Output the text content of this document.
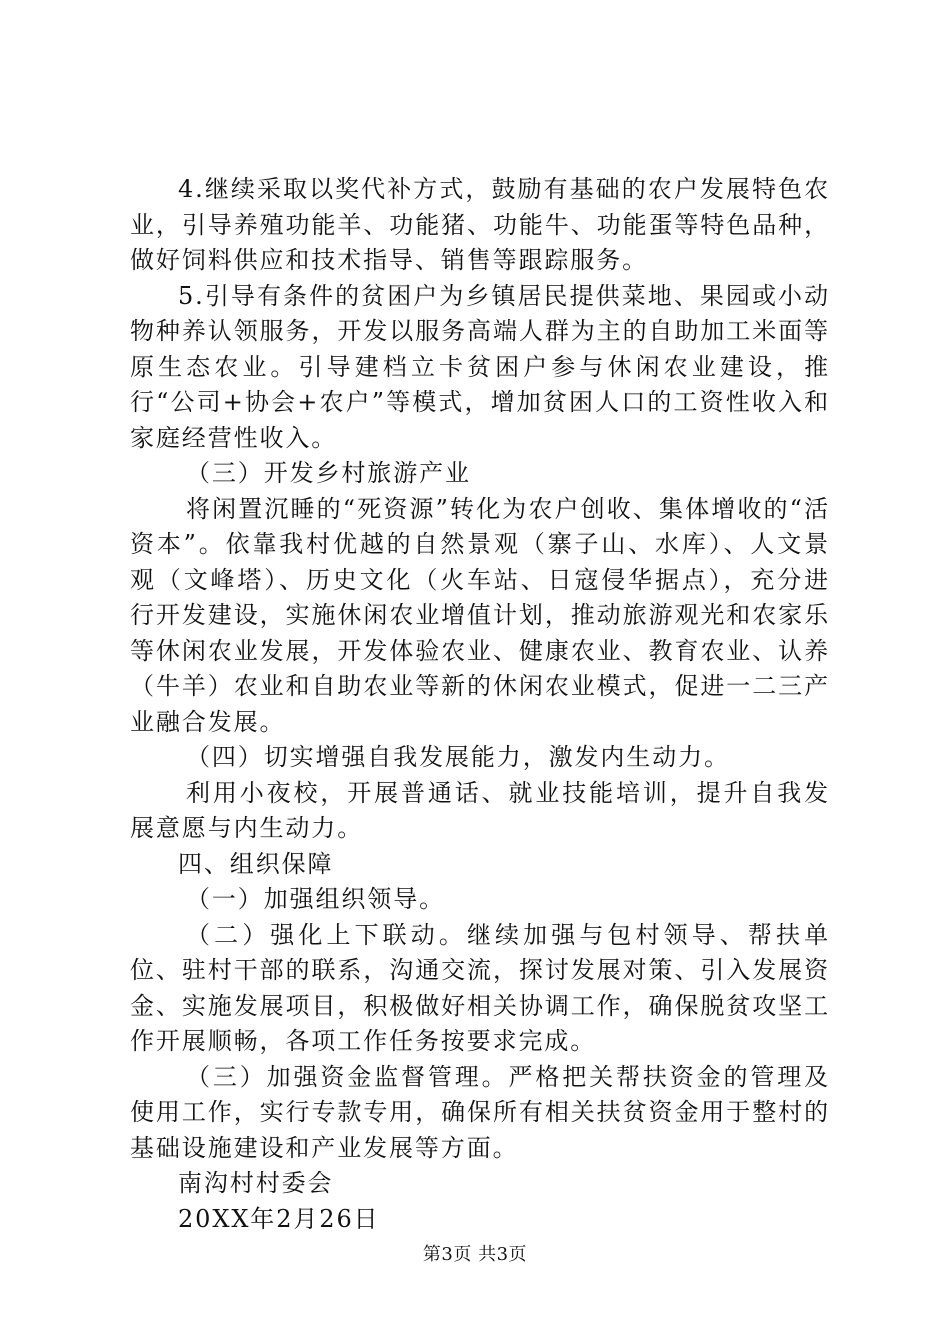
4.继续采取以奖代补方式，鼓励有基础的农户发展特色农业，引导养殖功能羊、功能猪、功能牛、功能蛋等特色品种，做好饲料供应和技术指导、销售等跟踪服务。

5.引导有条件的贫困户为乡镇居民提供菜地、果园或小动物种养认领服务，开发以服务高端人群为主的自助加工米面等原生态农业。引导建档立卡贫困户参与休闲农业建设，推行“公司+协会+农户”等模式，增加贫困人口的工资性收入和家庭经营性收入。

（三）开发乡村旅游产业

将闲置沉睡的“死资源”转化为农户创收、集体增收的“活资本”。依靠我村优越的自然景观（寨子山、水库）、人文景观（文峰塔）、历史文化（火车站、日寇侵华据点），充分进行开发建设，实施休闲农业增值计划，推动旅游观光和农家乐等休闲农业发展，开发体验农业、健康农业、教育农业、认养（牛羊）农业和自助农业等新的休闲农业模式，促进一二三产业融合发展。

（四）切实增强自我发展能力，激发内生动力。

利用小夜校，开展普通话、就业技能培训，提升自我发展意愿与内生动力。

四、组织保障

（一）加强组织领导。

（二）强化上下联动。继续加强与包村领导、帮扶单位、驻村干部的联系，沟通交流，探讨发展对策、引入发展资金、实施发展项目，积极做好相关协调工作，确保脱贫攻坚工作开展顺畅，各项工作任务按要求完成。

（三）加强资金监督管理。严格把关帮扶资金的管理及使用工作，实行专款专用，确保所有相关扶贫资金用于整村的基础设施建设和产业发展等方面。

南沟村村委会

20XX年2月26日

第3页 共3页
